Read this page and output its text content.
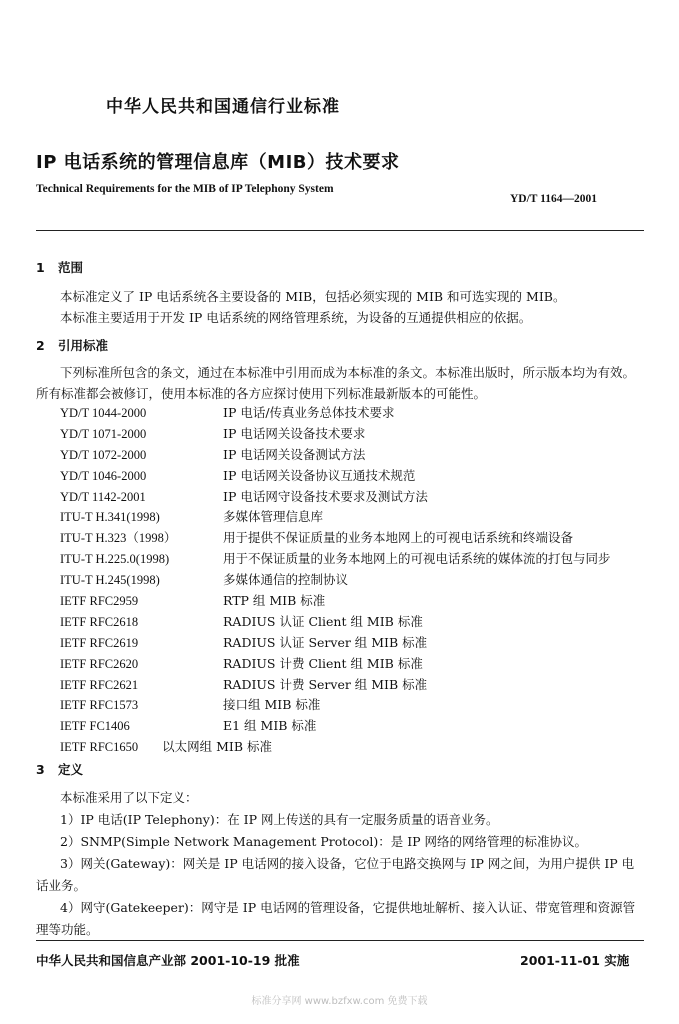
中华人民共和国通信行业标准
IP 电话系统的管理信息库（MIB）技术要求
Technical Requirements for the MIB of IP Telephony System
YD/T 1164—2001
1 范围

本标准定义了 IP 电话系统各主要设备的 MIB，包括必须实现的 MIB 和可选实现的 MIB。

本标准主要适用于开发 IP 电话系统的网络管理系统，为设备的互通提供相应的依据。

2 引用标准

下列标准所包含的条文，通过在本标准中引用而成为本标准的条文。本标准出版时，所示版本均为有效。所有标准都会被修订，使用本标准的各方应探讨使用下列标准最新版本的可能性。

YD/T 1044-2000	IP 电话/传真业务总体技术要求
YD/T 1071-2000	IP 电话网关设备技术要求
YD/T 1072-2000	IP 电话网关设备测试方法
YD/T 1046-2000	IP 电话网关设备协议互通技术规范
YD/T 1142-2001	IP 电话网守设备技术要求及测试方法
ITU-T H.341(1998)	多媒体管理信息库
ITU-T H.323（1998）	用于提供不保证质量的业务本地网上的可视电话系统和终端设备
ITU-T H.225.0(1998)	用于不保证质量的业务本地网上的可视电话系统的媒体流的打包与同步
ITU-T H.245(1998)	多媒体通信的控制协议
IETF RFC2959	RTP 组 MIB 标准
IETF RFC2618	RADIUS 认证 Client 组 MIB 标准
IETF RFC2619	RADIUS 认证 Server 组 MIB 标准
IETF RFC2620	RADIUS 计费 Client 组 MIB 标准
IETF RFC2621	RADIUS 计费 Server 组 MIB 标准
IETF RFC1573	接口组 MIB 标准
IETF FC1406	E1 组 MIB 标准
IETF RFC1650 以太网组 MIB 标准
3 定义

本标准采用了以下定义：

1）IP 电话(IP Telephony)：在 IP 网上传送的具有一定服务质量的语音业务。

2）SNMP(Simple Network Management Protocol)：是 IP 网络的网络管理的标准协议。

3）网关(Gateway)：网关是 IP 电话网的接入设备，它位于电路交换网与 IP 网之间，为用户提供 IP 电话业务。

4）网守(Gatekeeper)：网守是 IP 电话网的管理设备，它提供地址解析、接入认证、带宽管理和资源管理等功能。

中华人民共和国信息产业部 2001-10-19 批准	2001-11-01 实施
标准分享网 www.bzfxw.com 免费下载
